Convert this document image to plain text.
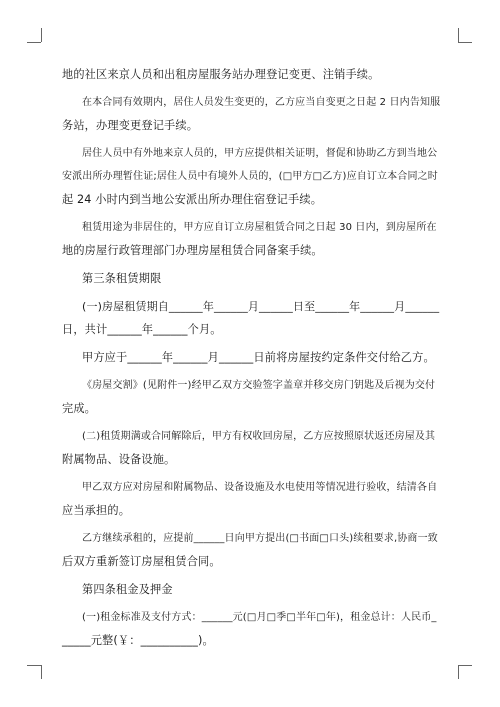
地的社区来京人员和出租房屋服务站办理登记变更、注销手续。
在本合同有效期内，居住人员发生变更的，乙方应当自变更之日起 2 日内告知服
务站，办理变更登记手续。
居住人员中有外地来京人员的，甲方应提供相关证明，督促和协助乙方到当地公
安派出所办理暂住证;居住人员中有境外人员的，(□甲方□乙方)应自订立本合同之时
起 24 小时内到当地公安派出所办理住宿登记手续。
租赁用途为非居住的，甲方应自订立房屋租赁合同之日起 30 日内，到房屋所在
地的房屋行政管理部门办理房屋租赁合同备案手续。
第三条租赁期限
(一)房屋租赁期自______年______月______日至______年______月______
日，共计______年______个月。
甲方应于______年______月______日前将房屋按约定条件交付给乙方。
《房屋交割》(见附件一)经甲乙双方交验签字盖章并移交房门钥匙及后视为交付
完成。
(二)租赁期满或合同解除后，甲方有权收回房屋，乙方应按照原状返还房屋及其
附属物品、设备设施。
甲乙双方应对房屋和附属物品、设备设施及水电使用等情况进行验收，结清各自
应当承担的。
乙方继续承租的，应提前______日向甲方提出(□书面□口头)续租要求,协商一致
后双方重新签订房屋租赁合同。
第四条租金及押金
(一)租金标准及支付方式：______元(□月□季□半年□年)，租金总计：人民币_
_____元整(￥：__________)。
